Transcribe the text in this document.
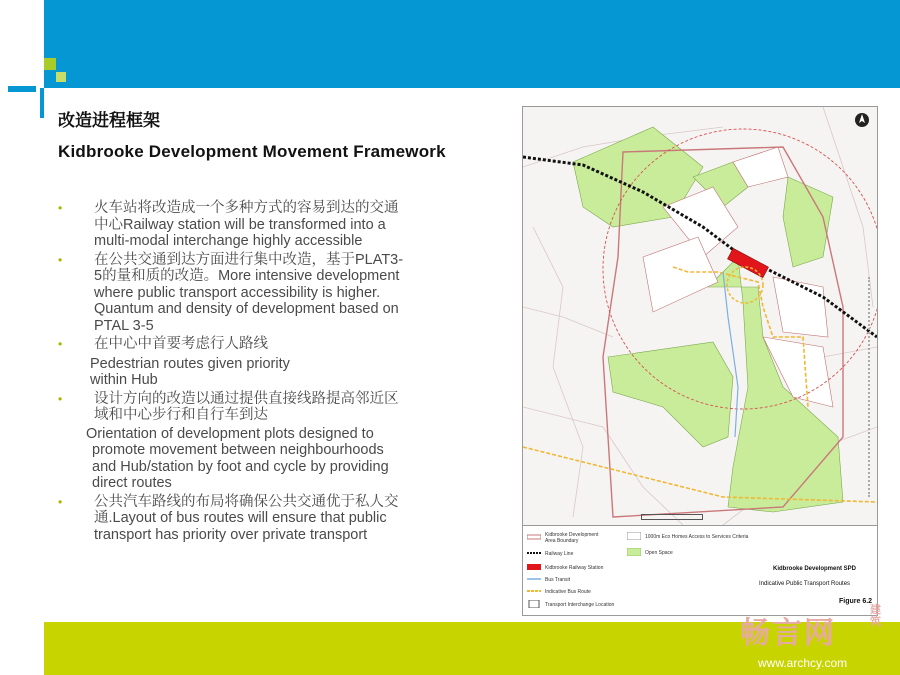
改造进程框架
Kidbrooke Development Movement Framework
• 火车站将改造成一个多种方式的容易到达的交通
中心Railway station will be transformed into a
multi-modal interchange highly accessible
• 在公共交通到达方面进行集中改造，基于PLAT3-
5的量和质的改造。More intensive development
where public transport accessibility is higher.
Quantum and density of development based on
PTAL 3-5
• 在中心中首要考虑行人路线
Pedestrian routes given priority
within Hub
• 设计方向的改造以通过提供直接线路提高邻近区
域和中心步行和自行车到达
Orientation of development plots designed to
promote movement between neighbourhoods
and Hub/station by foot and cycle by providing
direct routes
• 公共汽车路线的布局将确保公共交通优于私人交
通.Layout of bus routes will ensure that public
transport has priority over private transport
	Kidbrooke Development Area Boundary
Railway Line
Kidbrooke Railway Station
Bus Transit
Indicative Bus Route
Transport Interchange Location
1000m Eco Homes Access to Services Criteria
Open Space
Kidbrooke Development SPD
Indicative Public Transport Routes
Figure 6.2
畅言网
建筑
www.archcy.com
